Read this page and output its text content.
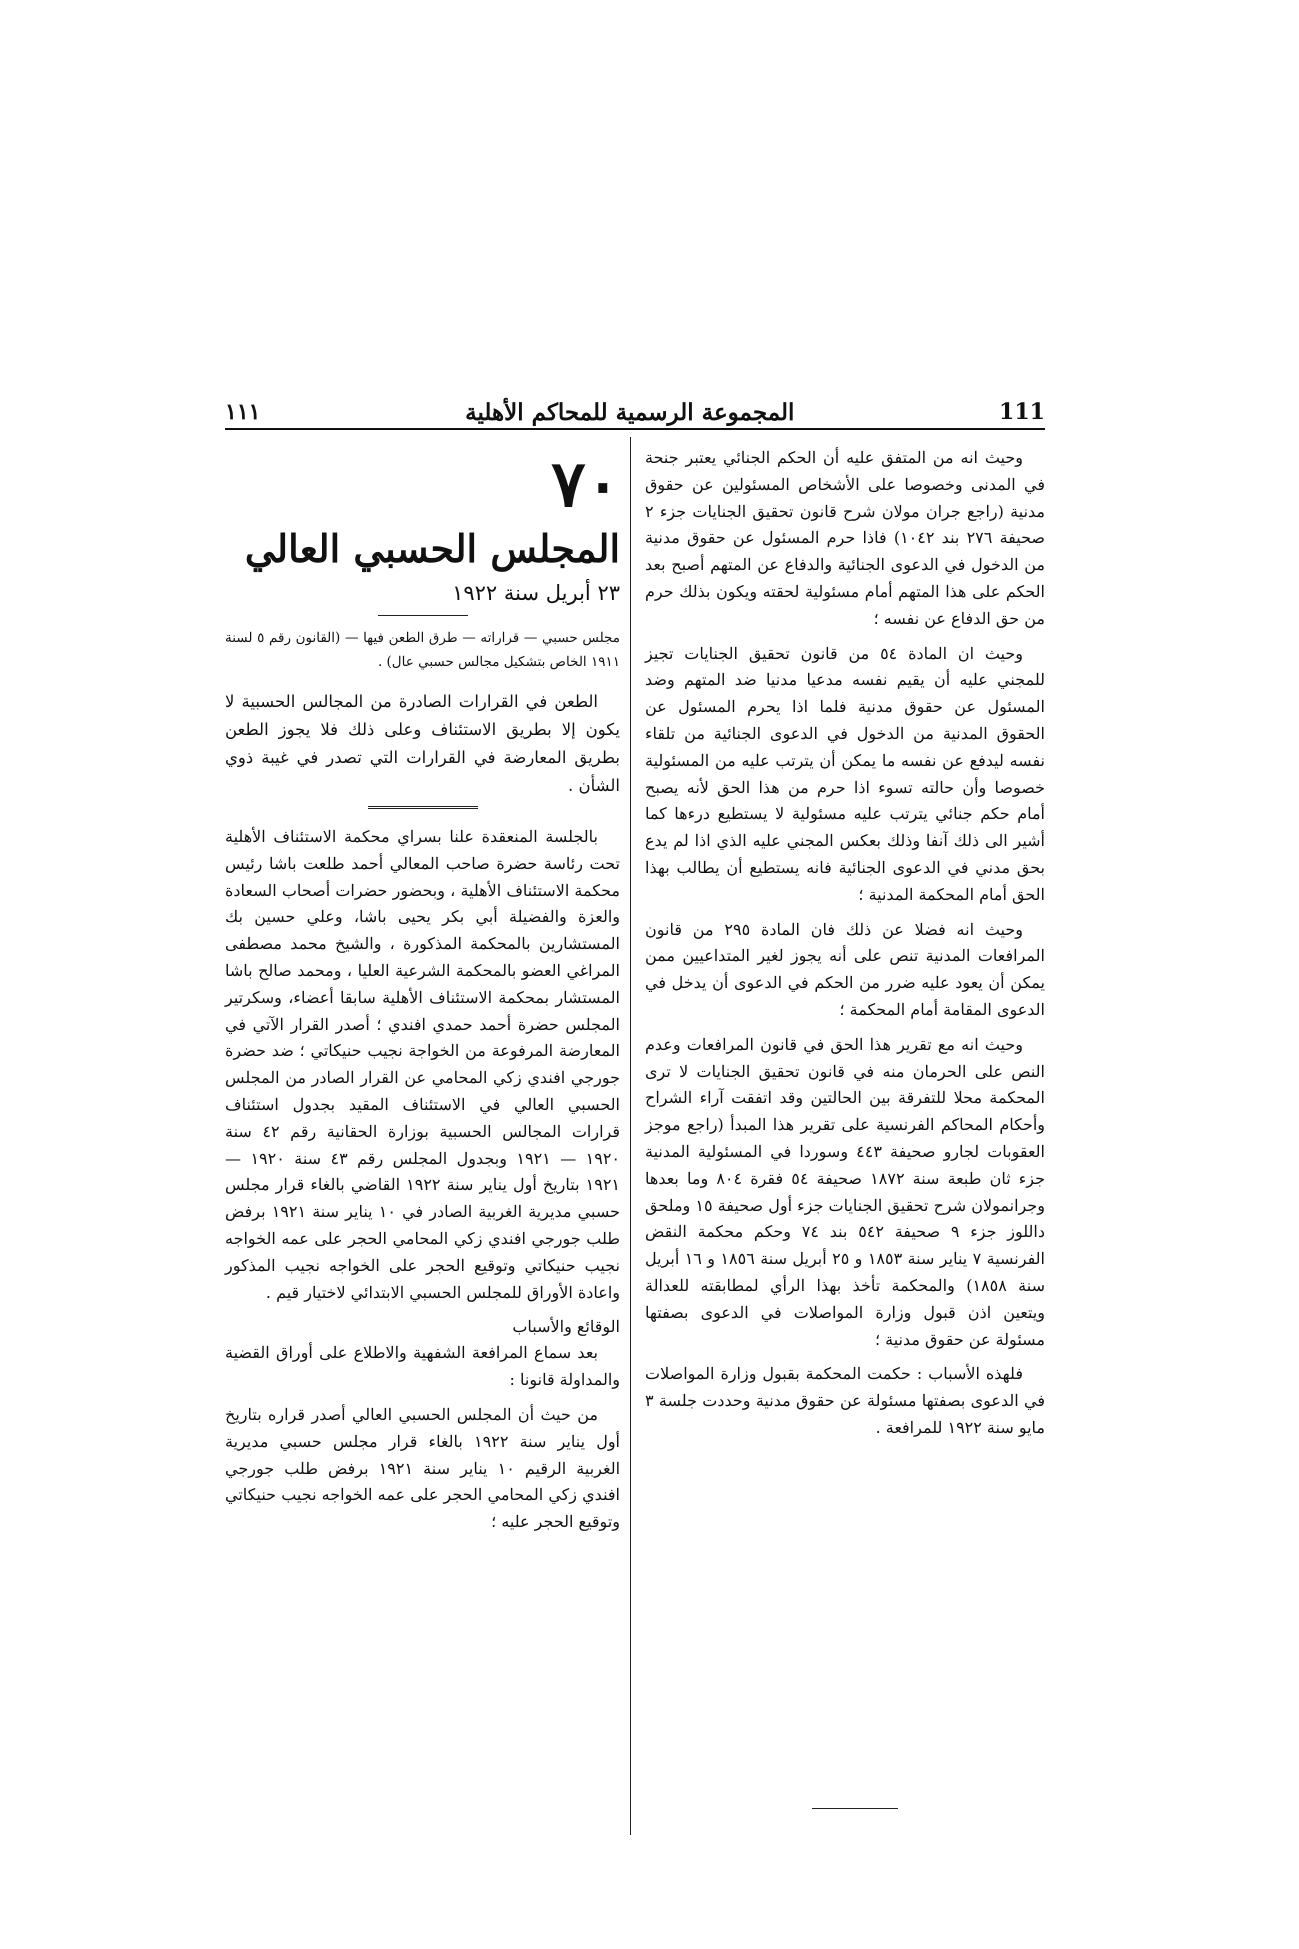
١١١	المجموعة الرسمية للمحاكم الأهلية	111

وحيث انه من المتفق عليه أن الحكم الجنائي يعتبر جنحة في المدنى وخصوصا على الأشخاص المسئولين عن حقوق مدنية (راجع جران مولان شرح قانون تحقيق الجنايات جزء ٢ صحيفة ٢٧٦ بند ١٠٤٢) فاذا حرم المسئول عن حقوق مدنية من الدخول في الدعوى الجنائية والدفاع عن المتهم أصبح بعد الحكم على هذا المتهم أمام مسئولية لحقته ويكون بذلك حرم من حق الدفاع عن نفسه ؛

وحيث ان المادة ٥٤ من قانون تحقيق الجنايات تجيز للمجني عليه أن يقيم نفسه مدعيا مدنيا ضد المتهم وضد المسئول عن حقوق مدنية فلما اذا يحرم المسئول عن الحقوق المدنية من الدخول في الدعوى الجنائية من تلقاء نفسه ليدفع عن نفسه ما يمكن أن يترتب عليه من المسئولية خصوصا وأن حالته تسوء اذا حرم من هذا الحق لأنه يصبح أمام حكم جنائي يترتب عليه مسئولية لا يستطيع درءها كما أشير الى ذلك آنفا وذلك بعكس المجني عليه الذي اذا لم يدع بحق مدني في الدعوى الجنائية فانه يستطيع أن يطالب بهذا الحق أمام المحكمة المدنية ؛

وحيث انه فضلا عن ذلك فان المادة ٢٩٥ من قانون المرافعات المدنية تنص على أنه يجوز لغير المتداعيين ممن يمكن أن يعود عليه ضرر من الحكم في الدعوى أن يدخل في الدعوى المقامة أمام المحكمة ؛

وحيث انه مع تقرير هذا الحق في قانون المرافعات وعدم النص على الحرمان منه في قانون تحقيق الجنايات لا ترى المحكمة محلا للتفرقة بين الحالتين وقد اتفقت آراء الشراح وأحكام المحاكم الفرنسية على تقرير هذا المبدأ (راجع موجز العقوبات لجارو صحيفة ٤٤٣ وسوردا في المسئولية المدنية جزء ثان طبعة سنة ١٨٧٢ صحيفة ٥٤ فقرة ٨٠٤ وما بعدها وجرانمولان شرح تحقيق الجنايات جزء أول صحيفة ١٥ وملحق داللوز جزء ٩ صحيفة ٥٤٢ بند ٧٤ وحكم محكمة النقض الفرنسية ٧ يناير سنة ١٨٥٣ و ٢٥ أبريل سنة ١٨٥٦ و ١٦ أبريل سنة ١٨٥٨) والمحكمة تأخذ بهذا الرأي لمطابقته للعدالة ويتعين اذن قبول وزارة المواصلات في الدعوى بصفتها مسئولة عن حقوق مدنية ؛

فلهذه الأسباب : حكمت المحكمة بقبول وزارة المواصلات في الدعوى بصفتها مسئولة عن حقوق مدنية وحددت جلسة ٣ مايو سنة ١٩٢٢ للمرافعة .

٧٠
المجلس الحسبي العالي
٢٣ أبريل سنة ١٩٢٢

مجلس حسبي — قراراته — طرق الطعن فيها — (القانون رقم ٥ لسنة ١٩١١ الخاص بتشكيل مجالس حسبي عال) .

الطعن في القرارات الصادرة من المجالس الحسبية لا يكون إلا بطريق الاستئناف وعلى ذلك فلا يجوز الطعن بطريق المعارضة في القرارات التي تصدر في غيبة ذوي الشأن .

بالجلسة المنعقدة علنا بسراي محكمة الاستئناف الأهلية تحت رئاسة حضرة صاحب المعالي أحمد طلعت باشا رئيس محكمة الاستئناف الأهلية ، وبحضور حضرات أصحاب السعادة والعزة والفضيلة أبي بكر يحيى باشا، وعلي حسين بك المستشارين بالمحكمة المذكورة ، والشيخ محمد مصطفى المراغي العضو بالمحكمة الشرعية العليا ، ومحمد صالح باشا المستشار بمحكمة الاستئناف الأهلية سابقا أعضاء، وسكرتير المجلس حضرة أحمد حمدي افندي ؛ أصدر القرار الآتي في المعارضة المرفوعة من الخواجة نجيب حنيكاتي ؛ ضد حضرة جورجي افندي زكي المحامي عن القرار الصادر من المجلس الحسبي العالي في الاستئناف المقيد بجدول استئناف قرارات المجالس الحسبية بوزارة الحقانية رقم ٤٢ سنة ١٩٢٠ — ١٩٢١ وبجدول المجلس رقم ٤٣ سنة ١٩٢٠ — ١٩٢١ بتاريخ أول يناير سنة ١٩٢٢ القاضي بالغاء قرار مجلس حسبي مديرية الغربية الصادر في ١٠ يناير سنة ١٩٢١ برفض طلب جورجي افندي زكي المحامي الحجر على عمه الخواجه نجيب حنيكاتي وتوقيع الحجر على الخواجه نجيب المذكور واعادة الأوراق للمجلس الحسبي الابتدائي لاختيار قيم .

الوقائع والأسباب

بعد سماع المرافعة الشفهية والاطلاع على أوراق القضية والمداولة قانونا :

من حيث أن المجلس الحسبي العالي أصدر قراره بتاريخ أول يناير سنة ١٩٢٢ بالغاء قرار مجلس حسبي مديرية الغربية الرقيم ١٠ يناير سنة ١٩٢١ برفض طلب جورجي افندي زكي المحامي الحجر على عمه الخواجه نجيب حنيكاتي وتوقيع الحجر عليه ؛
